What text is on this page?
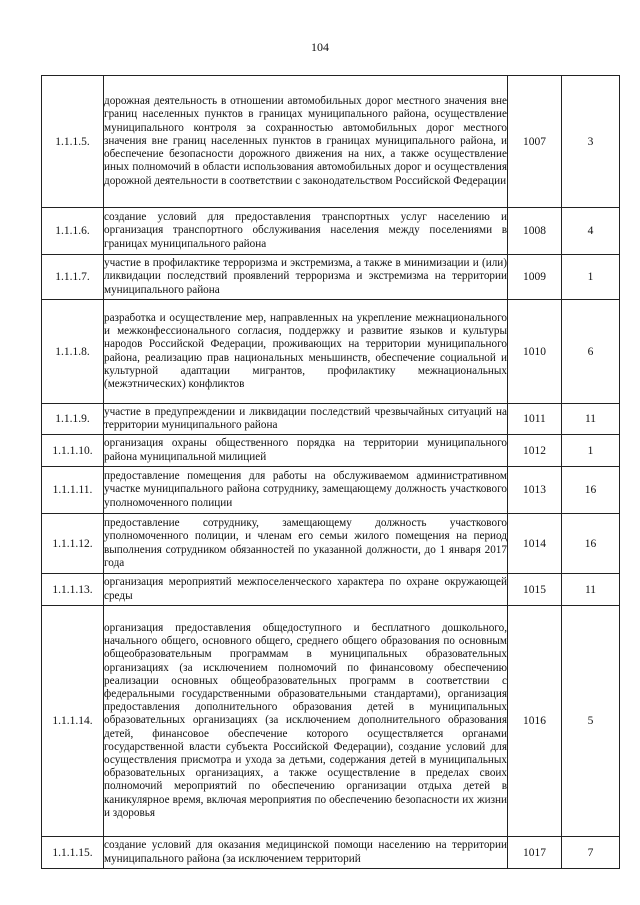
104
1.1.1.5.	дорожная деятельность в отношении автомобильных дорог местного значения вне границ населенных пунктов в границах муниципального района, осуществление муниципального контроля за сохранностью автомобильных дорог местного значения вне границ населенных пунктов в границах муниципального района, и обеспечение безопасности дорожного движения на них, а также осуществление иных полномочий в области использования автомобильных дорог и осуществления дорожной деятельности в соответствии с законодательством Российской Федерации	1007	3
1.1.1.6.	создание условий для предоставления транспортных услуг населению и организация транспортного обслуживания населения между поселениями в границах муниципального района	1008	4
1.1.1.7.	участие в профилактике терроризма и экстремизма, а также в минимизации и (или) ликвидации последствий проявлений терроризма и экстремизма на территории муниципального района	1009	1
1.1.1.8.	разработка и осуществление мер, направленных на укрепление межнационального и межконфессионального согласия, поддержку и развитие языков и культуры народов Российской Федерации, проживающих на территории муниципального района, реализацию прав национальных меньшинств, обеспечение социальной и культурной адаптации мигрантов, профилактику межнациональных (межэтнических) конфликтов	1010	6
1.1.1.9.	участие в предупреждении и ликвидации последствий чрезвычайных ситуаций на территории муниципального района	1011	11
1.1.1.10.	организация охраны общественного порядка на территории муниципального района муниципальной милицией	1012	1
1.1.1.11.	предоставление помещения для работы на обслуживаемом административном участке муниципального района сотруднику, замещающему должность участкового уполномоченного полиции	1013	16
1.1.1.12.	предоставление сотруднику, замещающему должность участкового уполномоченного полиции, и членам его семьи жилого помещения на период выполнения сотрудником обязанностей по указанной должности, до 1 января 2017 года	1014	16
1.1.1.13.	организация мероприятий межпоселенческого характера по охране окружающей среды	1015	11
1.1.1.14.	организация предоставления общедоступного и бесплатного дошкольного, начального общего, основного общего, среднего общего образования по основным общеобразовательным программам в муниципальных образовательных организациях (за исключением полномочий по финансовому обеспечению реализации основных общеобразовательных программ в соответствии с федеральными государственными образовательными стандартами), организация предоставления дополнительного образования детей в муниципальных образовательных организациях (за исключением дополнительного образования детей, финансовое обеспечение которого осуществляется органами государственной власти субъекта Российской Федерации), создание условий для осуществления присмотра и ухода за детьми, содержания детей в муниципальных образовательных организациях, а также осуществление в пределах своих полномочий мероприятий по обеспечению организации отдыха детей в каникулярное время, включая мероприятия по обеспечению безопасности их жизни и здоровья	1016	5
1.1.1.15.	создание условий для оказания медицинской помощи населению на территории муниципального района (за исключением территорий	1017	7
